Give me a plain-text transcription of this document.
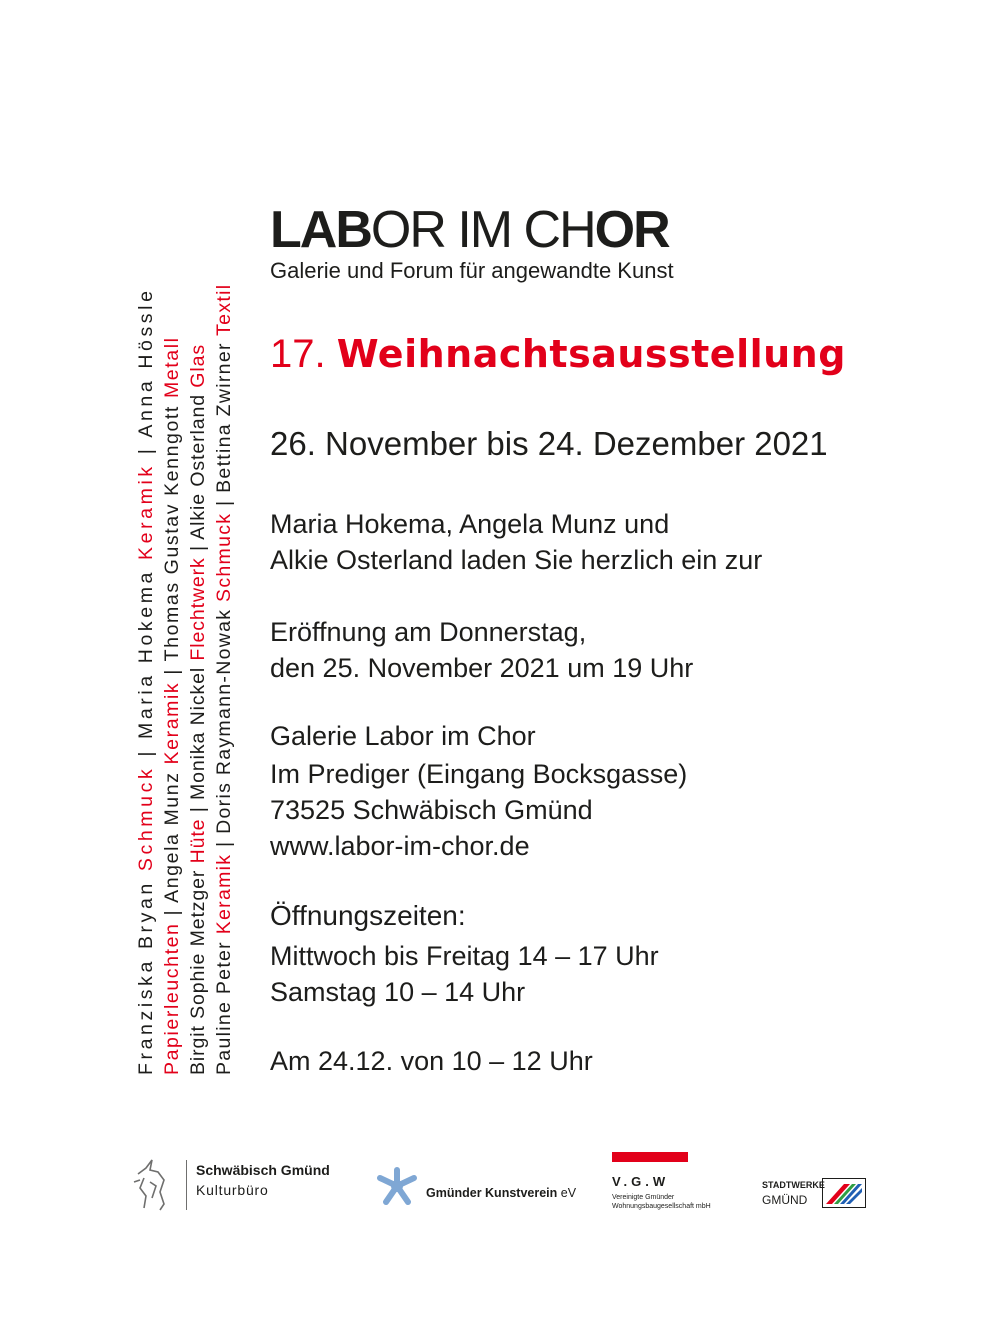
Franziska Bryan Schmuck | Maria Hokema Keramik | Anna Hössle
Papierleuchten | Angela Munz Keramik | Thomas Gustav Kenngott Metall
Birgit Sophie Metzger Hüte | Monika Nickel Flechtwerk | Alkie Osterland Glas
Pauline Peter Keramik | Doris Raymann-Nowak Schmuck | Bettina Zwirner Textil
LABOR IM CHOR
Galerie und Forum für angewandte Kunst
17. Weihnachtsausstellung
26. November bis 24. Dezember 2021

Maria Hokema, Angela Munz und

Alkie Osterland laden Sie herzlich ein zur

Eröffnung am Donnerstag,

den 25. November 2021 um 19 Uhr

Galerie Labor im Chor

Im Prediger (Eingang Bocksgasse)

73525 Schwäbisch Gmünd

www.labor-im-chor.de

Öffnungszeiten:

Mittwoch bis Freitag 14 – 17 Uhr

Samstag 10 – 14 Uhr

Am 24.12. von 10 – 12 Uhr

Schwäbisch Gmünd
Kulturbüro	Gmünder Kunstverein eV
V.G.W
Vereinigte Gmünder
Wohnungsbaugesellschaft mbH
STADTWERKE
GMÜND
